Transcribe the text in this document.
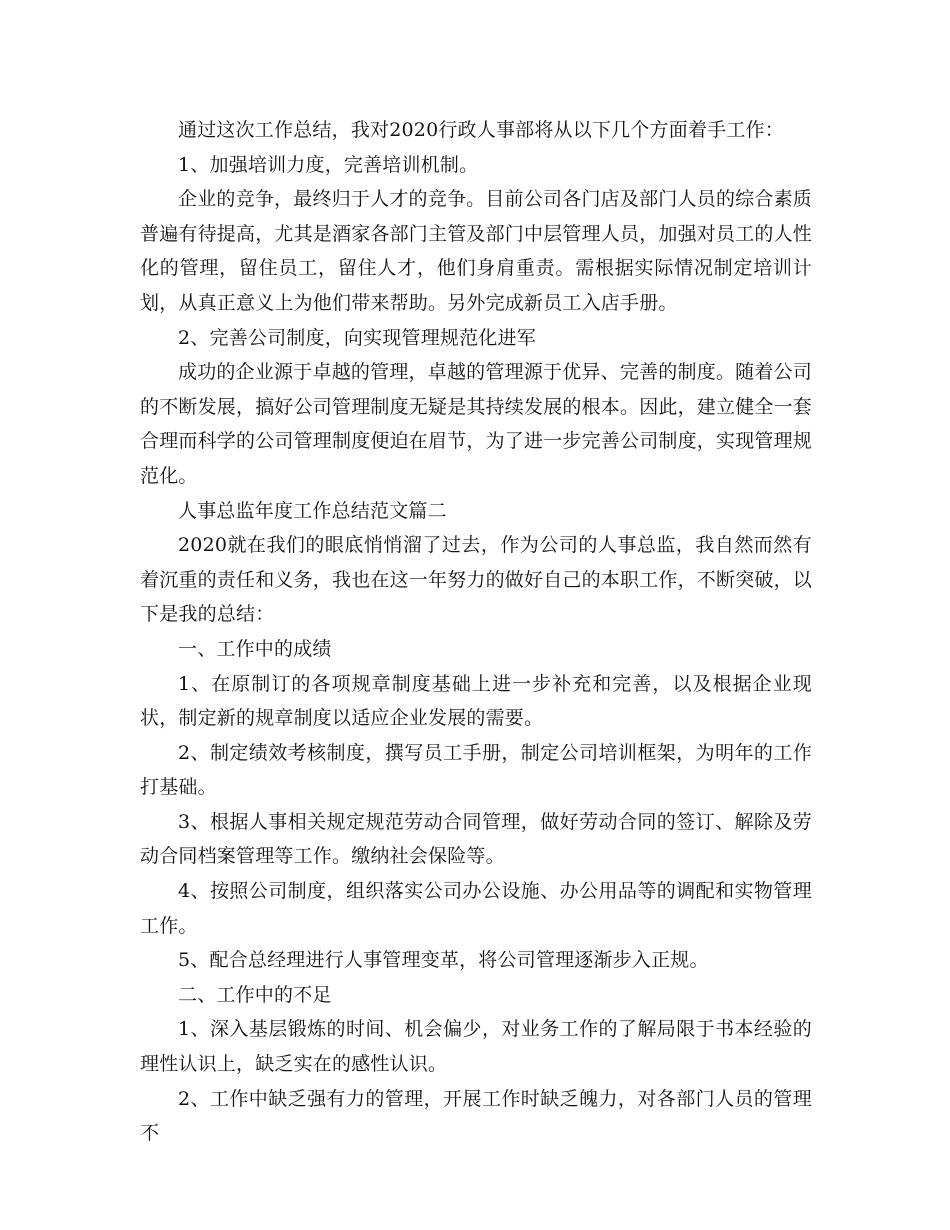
通过这次工作总结，我对2020行政人事部将从以下几个方面着手工作：

1、加强培训力度，完善培训机制。

企业的竞争，最终归于人才的竞争。目前公司各门店及部门人员的综合素质普遍有待提高，尤其是酒家各部门主管及部门中层管理人员，加强对员工的人性化的管理，留住员工，留住人才，他们身肩重责。需根据实际情况制定培训计划，从真正意义上为他们带来帮助。另外完成新员工入店手册。

2、完善公司制度，向实现管理规范化进军

成功的企业源于卓越的管理，卓越的管理源于优异、完善的制度。随着公司的不断发展，搞好公司管理制度无疑是其持续发展的根本。因此，建立健全一套合理而科学的公司管理制度便迫在眉节，为了进一步完善公司制度，实现管理规范化。

人事总监年度工作总结范文篇二

2020就在我们的眼底悄悄溜了过去，作为公司的人事总监，我自然而然有着沉重的责任和义务，我也在这一年努力的做好自己的本职工作，不断突破，以下是我的总结：

一、工作中的成绩

1、在原制订的各项规章制度基础上进一步补充和完善，以及根据企业现状，制定新的规章制度以适应企业发展的需要。

2、制定绩效考核制度，撰写员工手册，制定公司培训框架，为明年的工作打基础。

3、根据人事相关规定规范劳动合同管理，做好劳动合同的签订、解除及劳动合同档案管理等工作。缴纳社会保险等。

4、按照公司制度，组织落实公司办公设施、办公用品等的调配和实物管理工作。

5、配合总经理进行人事管理变革，将公司管理逐渐步入正规。

二、工作中的不足

1、深入基层锻炼的时间、机会偏少，对业务工作的了解局限于书本经验的理性认识上，缺乏实在的感性认识。

2、工作中缺乏强有力的管理，开展工作时缺乏魄力，对各部门人员的管理不
